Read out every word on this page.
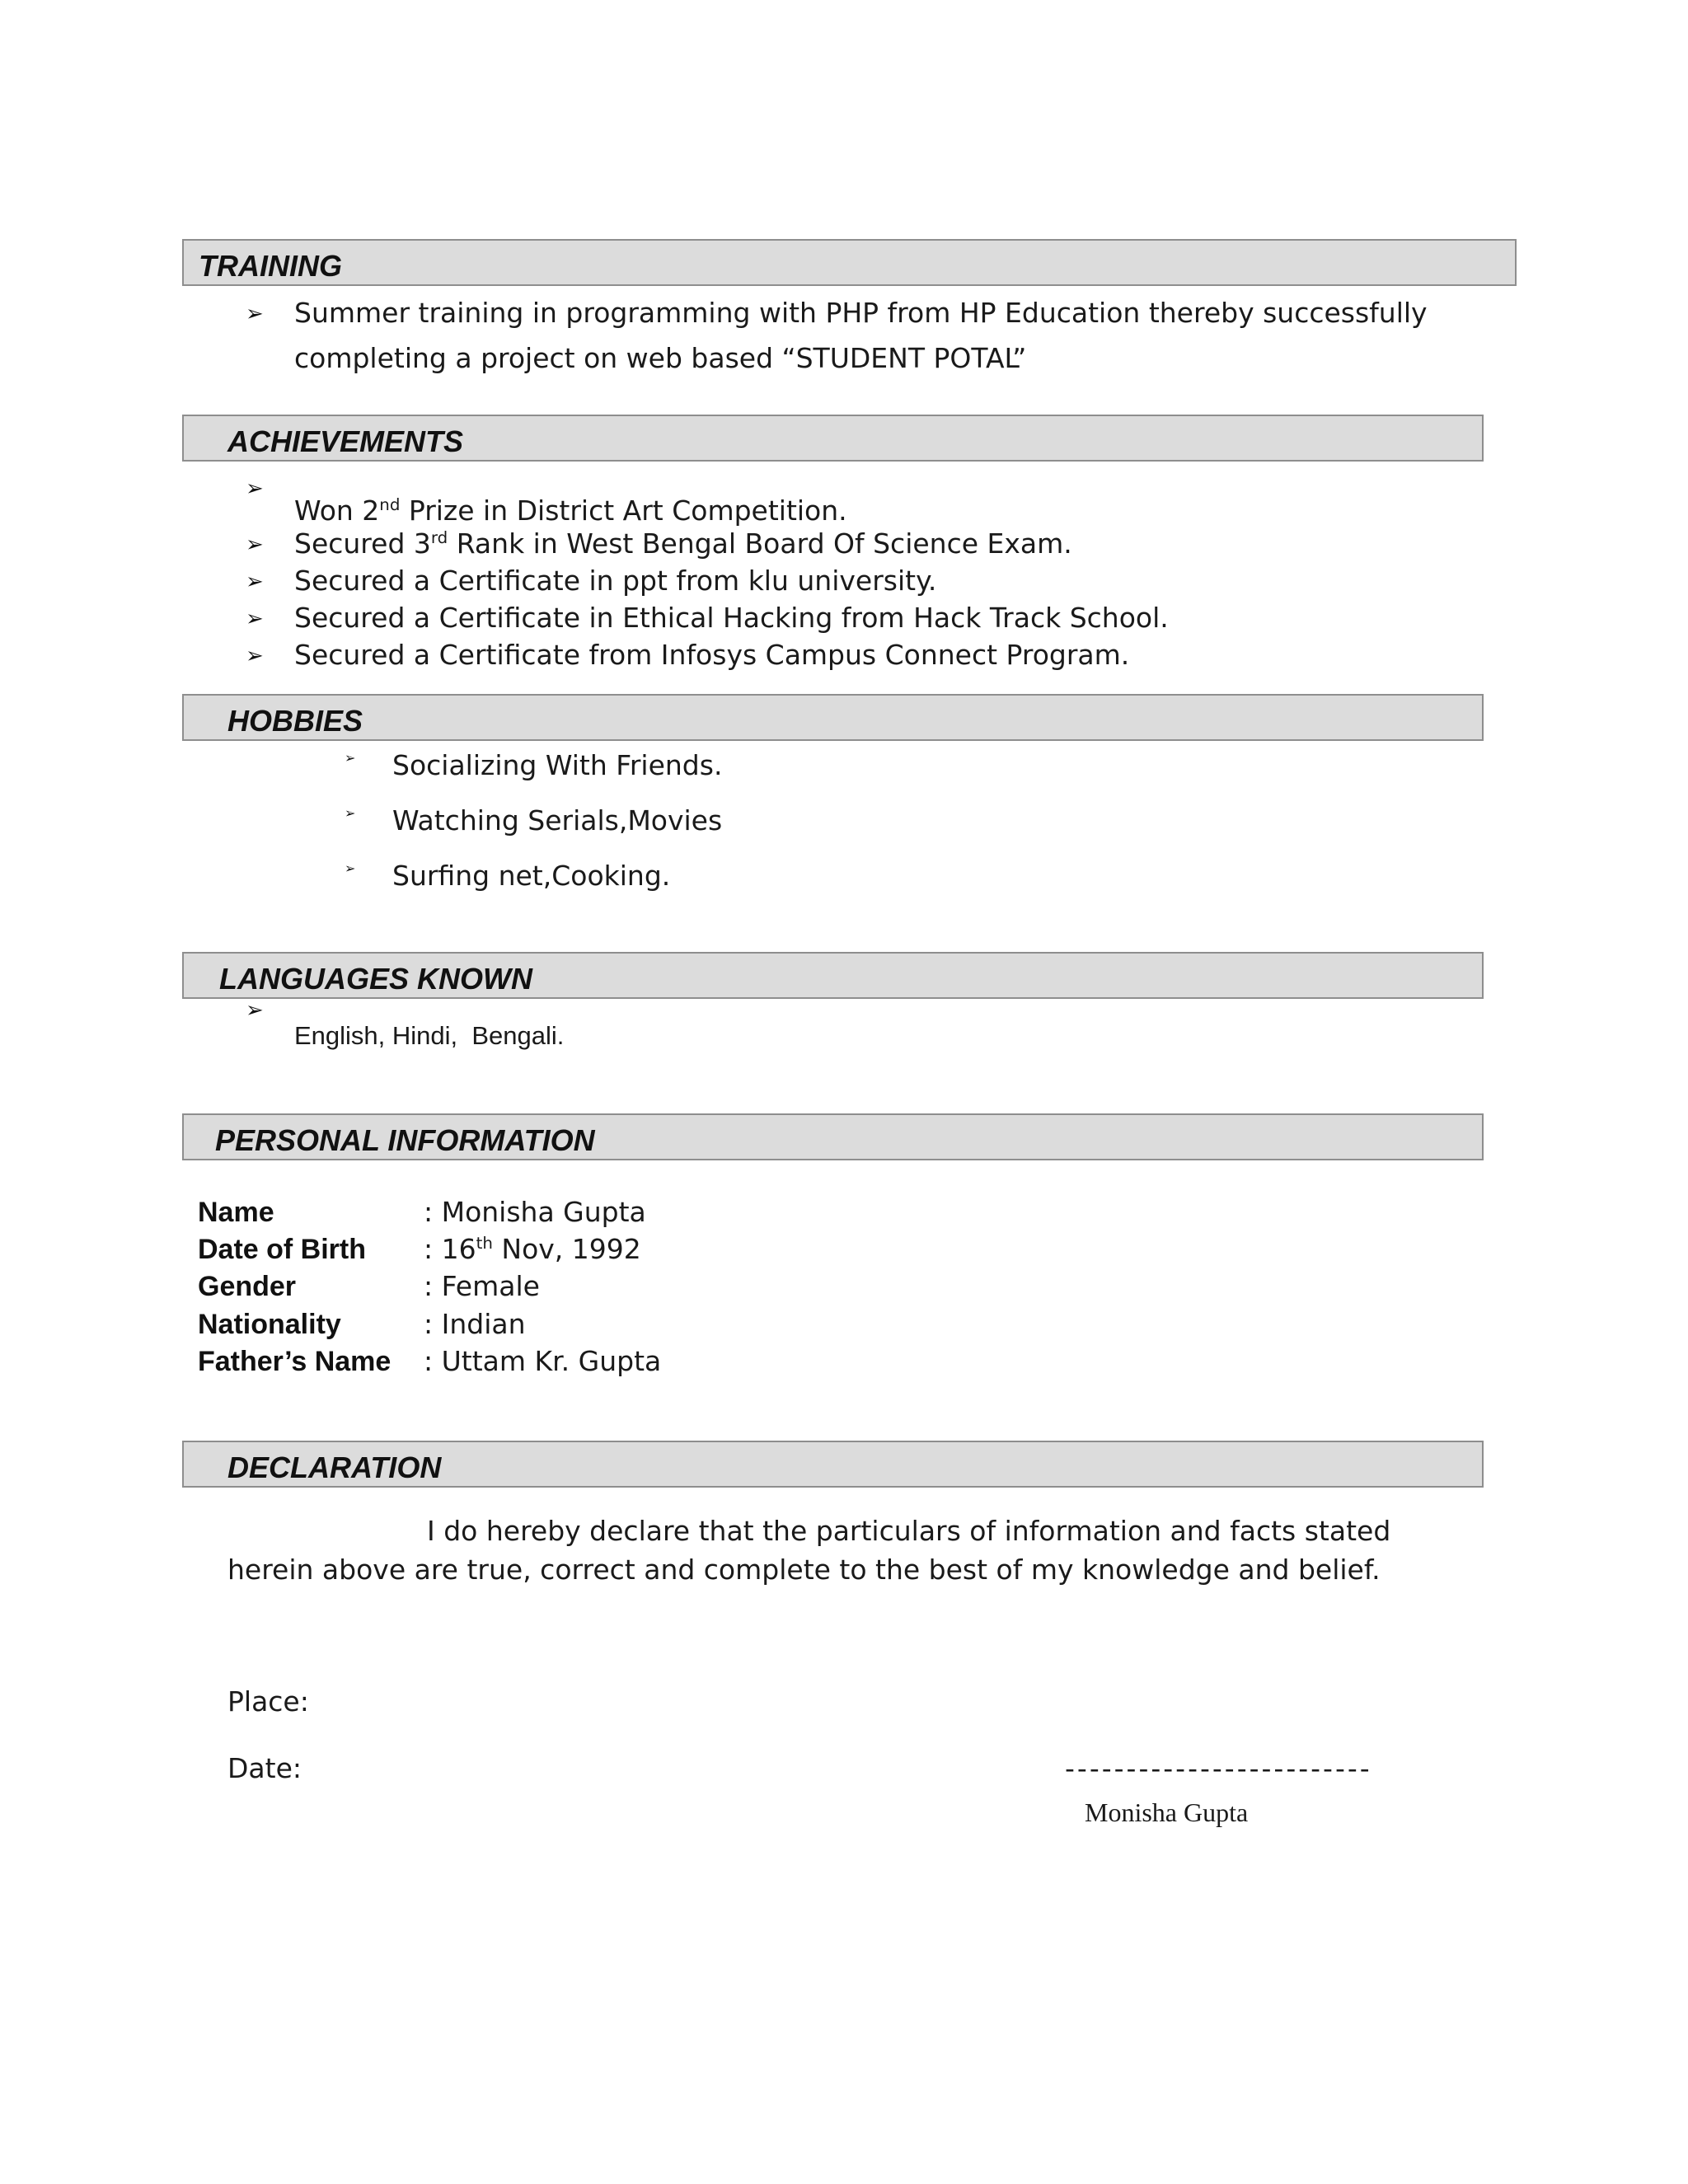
TRAINING
➢ Summer training in programming with PHP from HP Education thereby successfully
completing a project on web based “STUDENT POTAL”
ACHIEVEMENTS
➢
Won 2nd Prize in District Art Competition.
➢ Secured 3rd Rank in West Bengal Board Of Science Exam.
➢ Secured a Certificate in ppt from klu university.
➢ Secured a Certificate in Ethical Hacking from Hack Track School.
➢ Secured a Certificate from Infosys Campus Connect Program.
HOBBIES
➢ Socializing With Friends.
➢ Watching Serials,Movies
➢ Surfing net,Cooking.
LANGUAGES KNOWN
➢
English, Hindi,  Bengali.
PERSONAL INFORMATION
Name	: Monisha Gupta
Date of Birth : 16th Nov, 1992
Gender	: Female
Nationality	: Indian
Father’s Name : Uttam Kr. Gupta
DECLARATION
I do hereby declare that the particulars of information and facts stated
herein above are true, correct and complete to the best of my knowledge and belief.
Place:
Date:	-------------------------
Monisha Gupta
